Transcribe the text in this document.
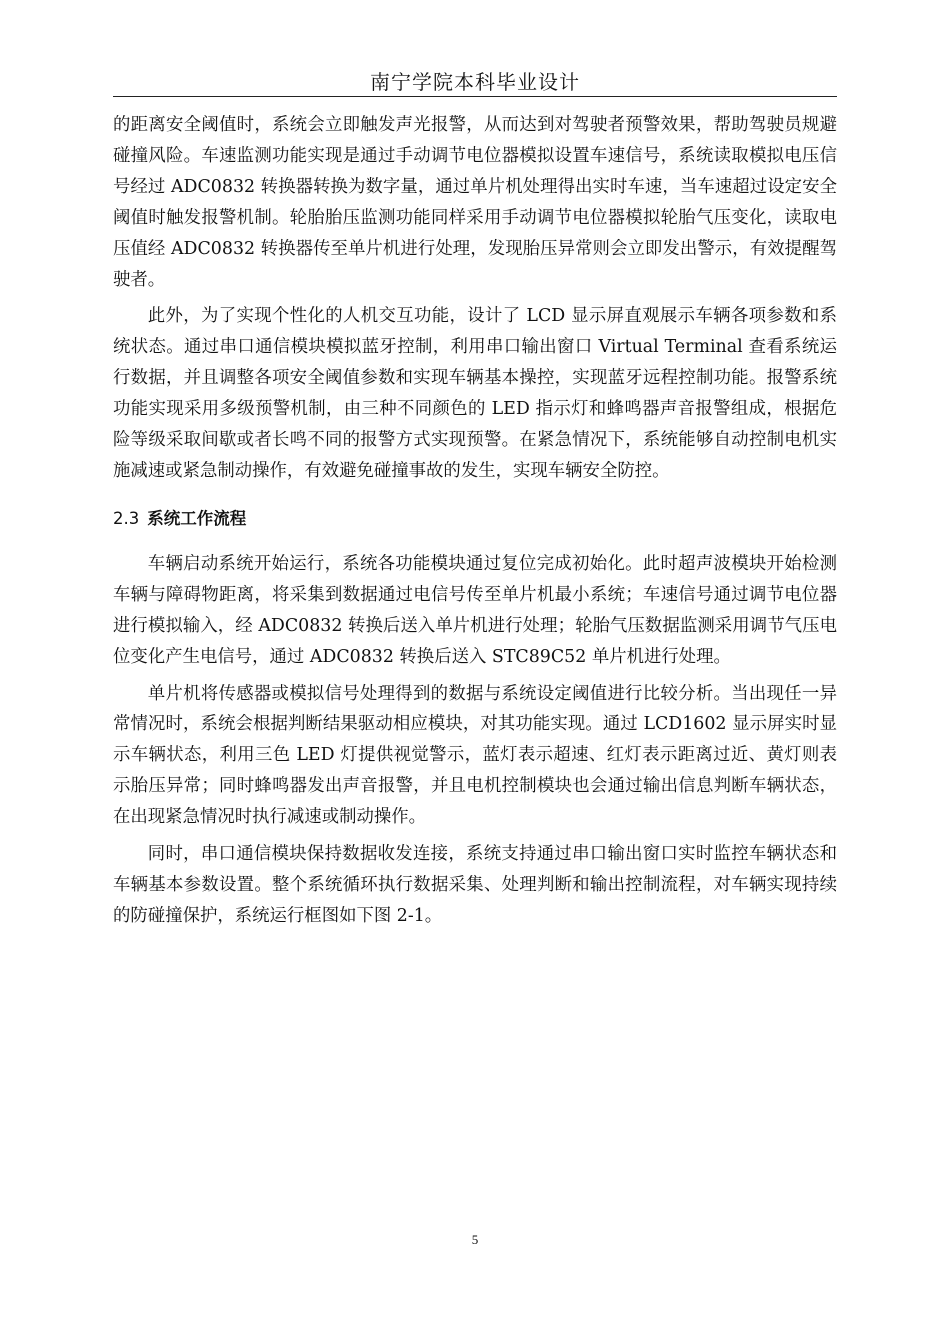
南宁学院本科毕业设计

的距离安全阈值时，系统会立即触发声光报警，从而达到对驾驶者预警效果，帮助驾驶员规避碰撞风险。车速监测功能实现是通过手动调节电位器模拟设置车速信号，系统读取模拟电压信号经过 ADC0832 转换器转换为数字量，通过单片机处理得出实时车速，当车速超过设定安全阈值时触发报警机制。轮胎胎压监测功能同样采用手动调节电位器模拟轮胎气压变化，读取电压值经 ADC0832 转换器传至单片机进行处理，发现胎压异常则会立即发出警示，有效提醒驾驶者。

此外，为了实现个性化的人机交互功能，设计了 LCD 显示屏直观展示车辆各项参数和系统状态。通过串口通信模块模拟蓝牙控制，利用串口输出窗口 Virtual Terminal 查看系统运行数据，并且调整各项安全阈值参数和实现车辆基本操控，实现蓝牙远程控制功能。报警系统功能实现采用多级预警机制，由三种不同颜色的 LED 指示灯和蜂鸣器声音报警组成，根据危险等级采取间歇或者长鸣不同的报警方式实现预警。在紧急情况下，系统能够自动控制电机实施减速或紧急制动操作，有效避免碰撞事故的发生，实现车辆安全防控。

2.3 系统工作流程

车辆启动系统开始运行，系统各功能模块通过复位完成初始化。此时超声波模块开始检测车辆与障碍物距离，将采集到数据通过电信号传至单片机最小系统；车速信号通过调节电位器进行模拟输入，经 ADC0832 转换后送入单片机进行处理；轮胎气压数据监测采用调节气压电位变化产生电信号，通过 ADC0832 转换后送入 STC89C52 单片机进行处理。

单片机将传感器或模拟信号处理得到的数据与系统设定阈值进行比较分析。当出现任一异常情况时，系统会根据判断结果驱动相应模块，对其功能实现。通过 LCD1602 显示屏实时显示车辆状态，利用三色 LED 灯提供视觉警示，蓝灯表示超速、红灯表示距离过近、黄灯则表示胎压异常；同时蜂鸣器发出声音报警，并且电机控制模块也会通过输出信息判断车辆状态，在出现紧急情况时执行减速或制动操作。

同时，串口通信模块保持数据收发连接，系统支持通过串口输出窗口实时监控车辆状态和车辆基本参数设置。整个系统循环执行数据采集、处理判断和输出控制流程，对车辆实现持续的防碰撞保护，系统运行框图如下图 2-1。

5
